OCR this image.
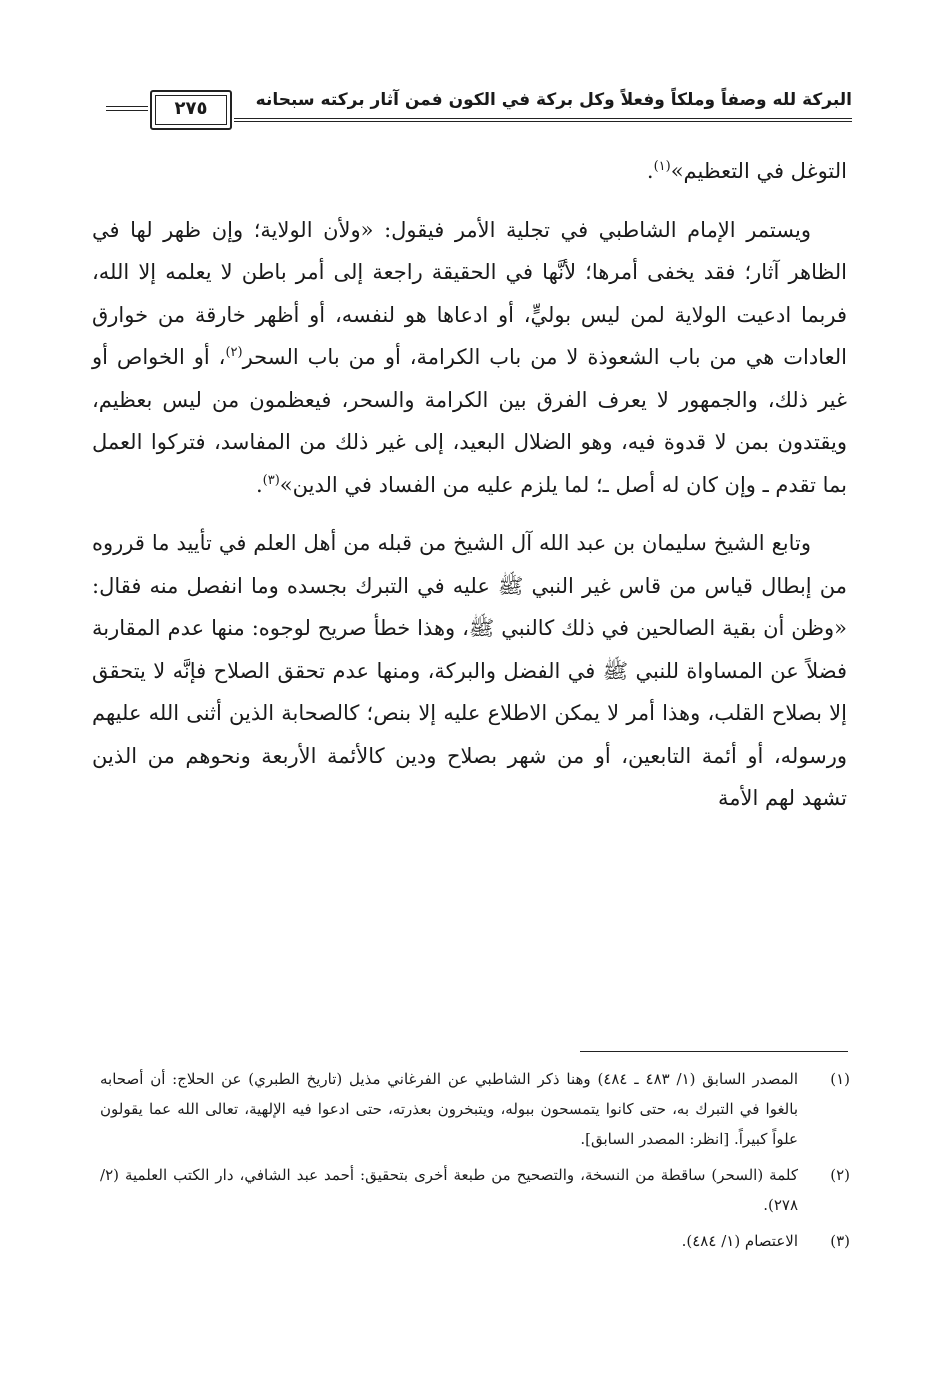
البركة لله وصفاً وملكاً وفعلاً وكل بركة في الكون فمن آثار بركته سبحانه
٢٧٥

التوغل في التعظيم»$^{(١)}$.

ويستمر الإمام الشاطبي في تجلية الأمر فيقول: «ولأن الولاية؛ وإن ظهر لها في الظاهر آثار؛ فقد يخفى أمرها؛ لأنَّها في الحقيقة راجعة إلى أمر باطن لا يعلمه إلا الله، فربما ادعيت الولاية لمن ليس بوليٍّ، أو ادعاها هو لنفسه، أو أظهر خارقة من خوارق العادات هي من باب الشعوذة لا من باب الكرامة، أو من باب السحر$^{(٢)}$، أو الخواص أو غير ذلك، والجمهور لا يعرف الفرق بين الكرامة والسحر، فيعظمون من ليس بعظيم، ويقتدون بمن لا قدوة فيه، وهو الضلال البعيد، إلى غير ذلك من المفاسد، فتركوا العمل بما تقدم ـ وإن كان له أصل ـ؛ لما يلزم عليه من الفساد في الدين»$^{(٣)}$.

وتابع الشيخ سليمان بن عبد الله آل الشيخ من قبله من أهل العلم في تأييد ما قرروه من إبطال قياس من قاس غير النبي ﷺ عليه في التبرك بجسده وما انفصل منه فقال: «وظن أن بقية الصالحين في ذلك كالنبي ﷺ، وهذا خطأ صريح لوجوه: منها عدم المقاربة فضلاً عن المساواة للنبي ﷺ في الفضل والبركة، ومنها عدم تحقق الصلاح فإنَّه لا يتحقق إلا بصلاح القلب، وهذا أمر لا يمكن الاطلاع عليه إلا بنص؛ كالصحابة الذين أثنى الله عليهم ورسوله، أو أئمة التابعين، أو من شهر بصلاح ودين كالأئمة الأربعة ونحوهم من الذين تشهد لهم الأمة

(١)
المصدر السابق (١/ ٤٨٣ ـ ٤٨٤) وهنا ذكر الشاطبي عن الفرغاني مذيل (تاريخ الطبري) عن الحلاج: أن أصحابه بالغوا في التبرك به، حتى كانوا يتمسحون ببوله، ويتبخرون بعذرته، حتى ادعوا فيه الإلهية، تعالى الله عما يقولون علواً كبيراً. [انظر: المصدر السابق].
(٢)
كلمة (السحر) ساقطة من النسخة، والتصحيح من طبعة أخرى بتحقيق: أحمد عبد الشافي، دار الكتب العلمية (٢/ ٢٧٨).
(٣)
الاعتصام (١/ ٤٨٤).
